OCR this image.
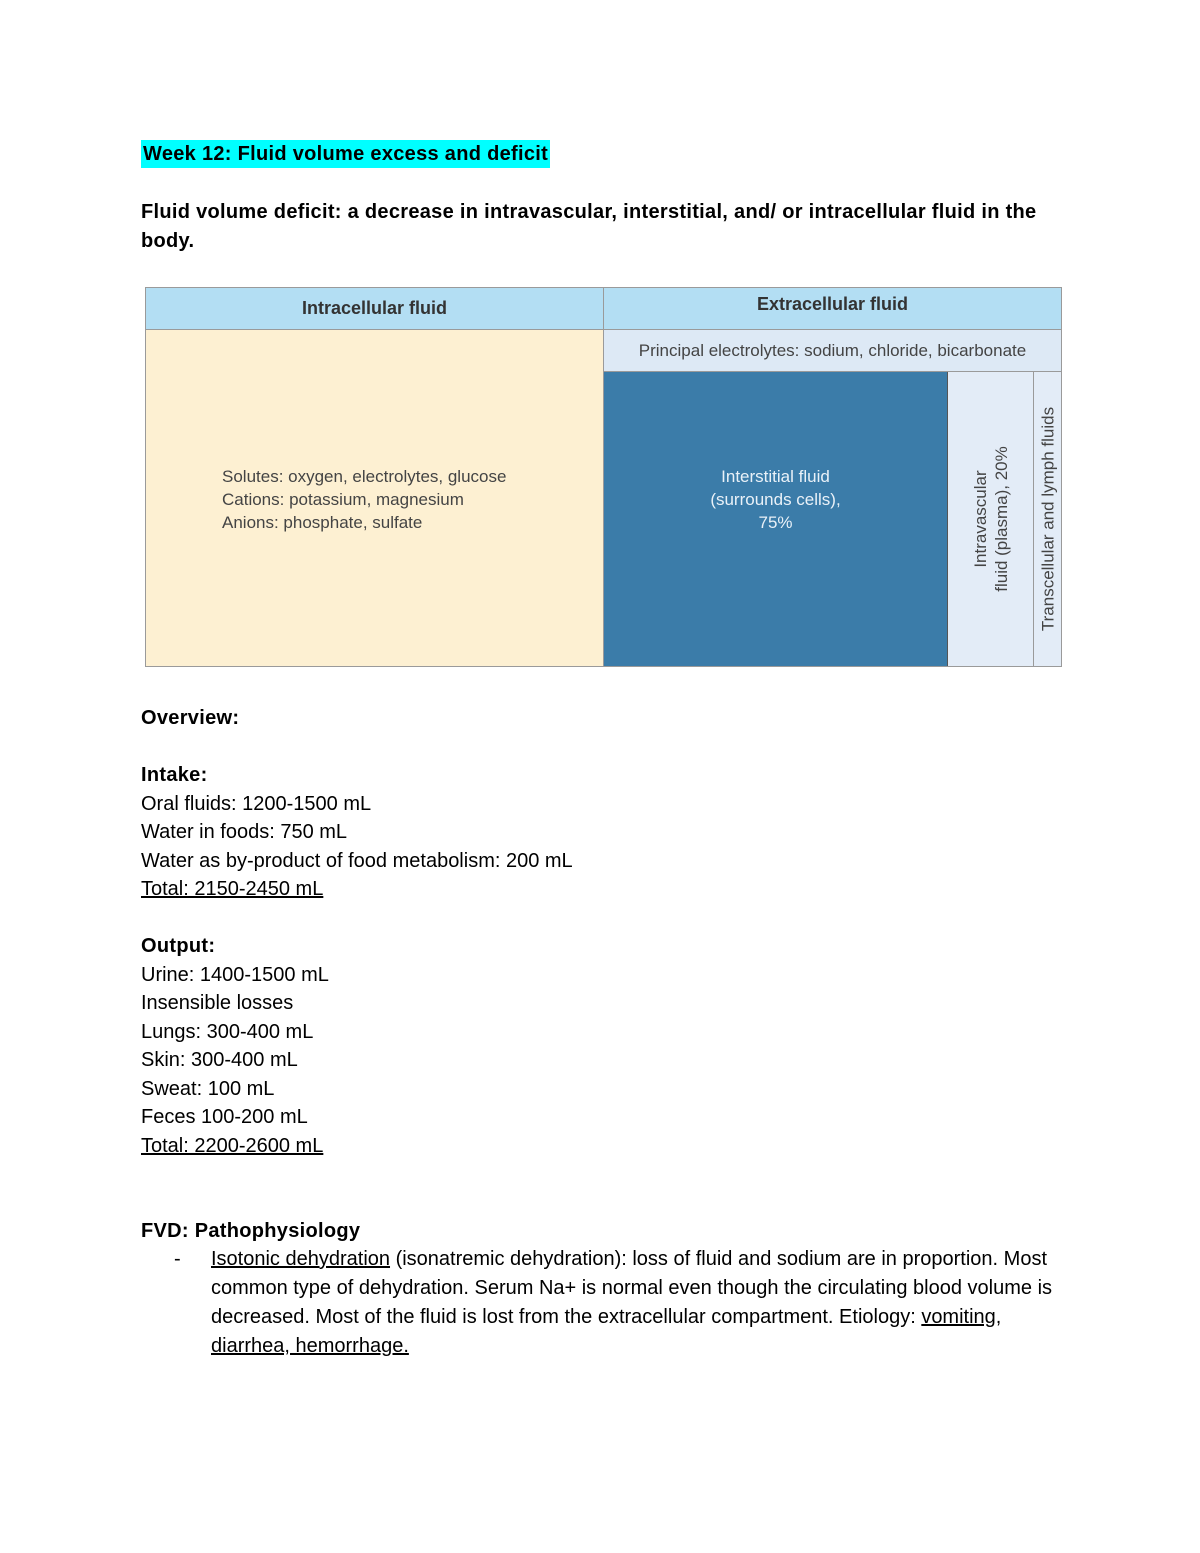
Week 12: Fluid volume excess and deficit
Fluid volume deficit: a decrease in intravascular, interstitial, and/ or intracellular fluid in the body.
Intracellular fluid	Extracellular fluid
Solutes: oxygen, electrolytes, glucose
Cations: potassium, magnesium
Anions: phosphate, sulfate
Principal electrolytes: sodium, chloride, bicarbonate
Interstitial fluid
(surrounds cells),
75%	Intravascular fluid (plasma), 20% Transcellular and lymph fluids
Overview:
Intake:
Oral fluids: 1200-1500 mL
Water in foods: 750 mL
Water as by-product of food metabolism: 200 mL
Total: 2150-2450 mL
Output:
Urine: 1400-1500 mL
Insensible losses
Lungs: 300-400 mL
Skin: 300-400 mL
Sweat: 100 mL
Feces 100-200 mL
Total: 2200-2600 mL
FVD: Pathophysiology
- Isotonic dehydration (isonatremic dehydration): loss of fluid and sodium are in proportion. Most common type of dehydration. Serum Na+ is normal even though the circulating blood volume is decreased. Most of the fluid is lost from the extracellular compartment. Etiology: vomiting, diarrhea, hemorrhage.
